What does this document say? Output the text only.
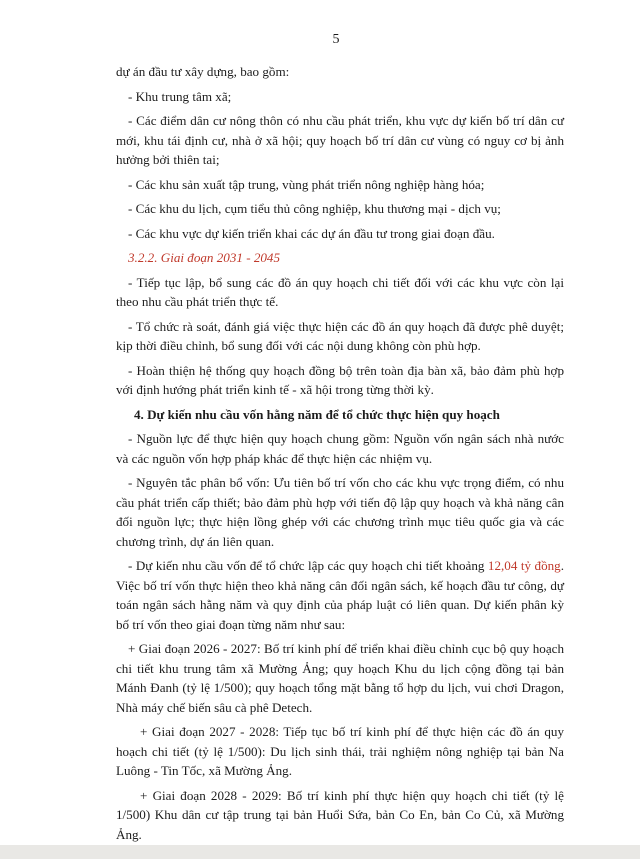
5

dự án đầu tư xây dựng, bao gồm:

- Khu trung tâm xã;

- Các điểm dân cư nông thôn có nhu cầu phát triển, khu vực dự kiến bố trí dân cư mới, khu tái định cư, nhà ở xã hội; quy hoạch bố trí dân cư vùng có nguy cơ bị ảnh hưởng bởi thiên tai;

- Các khu sản xuất tập trung, vùng phát triển nông nghiệp hàng hóa;

- Các khu du lịch, cụm tiểu thủ công nghiệp, khu thương mại - dịch vụ;

- Các khu vực dự kiến triển khai các dự án đầu tư trong giai đoạn đầu.

3.2.2. Giai đoạn 2031 - 2045

- Tiếp tục lập, bổ sung các đồ án quy hoạch chi tiết đối với các khu vực còn lại theo nhu cầu phát triển thực tế.

- Tổ chức rà soát, đánh giá việc thực hiện các đồ án quy hoạch đã được phê duyệt; kịp thời điều chỉnh, bổ sung đối với các nội dung không còn phù hợp.

- Hoàn thiện hệ thống quy hoạch đồng bộ trên toàn địa bàn xã, bảo đảm phù hợp với định hướng phát triển kinh tế - xã hội trong từng thời kỳ.

4. Dự kiến nhu cầu vốn hằng năm để tổ chức thực hiện quy hoạch

- Nguồn lực để thực hiện quy hoạch chung gồm: Nguồn vốn ngân sách nhà nước và các nguồn vốn hợp pháp khác để thực hiện các nhiệm vụ.

- Nguyên tắc phân bổ vốn: Ưu tiên bố trí vốn cho các khu vực trọng điểm, có nhu cầu phát triển cấp thiết; bảo đảm phù hợp với tiến độ lập quy hoạch và khả năng cân đối nguồn lực; thực hiện lồng ghép với các chương trình mục tiêu quốc gia và các chương trình, dự án liên quan.

- Dự kiến nhu cầu vốn để tổ chức lập các quy hoạch chi tiết khoảng 12,04 tỷ đồng. Việc bố trí vốn thực hiện theo khả năng cân đối ngân sách, kế hoạch đầu tư công, dự toán ngân sách hằng năm và quy định của pháp luật có liên quan. Dự kiến phân kỳ bố trí vốn theo giai đoạn từng năm như sau:

+ Giai đoạn 2026 - 2027: Bố trí kinh phí để triển khai điều chỉnh cục bộ quy hoạch chi tiết khu trung tâm xã Mường Ảng; quy hoạch Khu du lịch cộng đồng tại bản Mánh Đanh (tỷ lệ 1/500); quy hoạch tổng mặt bằng tổ hợp du lịch, vui chơi Dragon, Nhà máy chế biến sâu cà phê Detech.

+ Giai đoạn 2027 - 2028: Tiếp tục bố trí kinh phí để thực hiện các đồ án quy hoạch chi tiết (tỷ lệ 1/500): Du lịch sinh thái, trải nghiệm nông nghiệp tại bản Na Luông - Tin Tốc, xã Mường Ảng.

+ Giai đoạn 2028 - 2029: Bố trí kinh phí thực hiện quy hoạch chi tiết (tỷ lệ 1/500) Khu dân cư tập trung tại bản Huổi Sứa, bản Co En, bản Co Củ, xã Mường Ảng.
